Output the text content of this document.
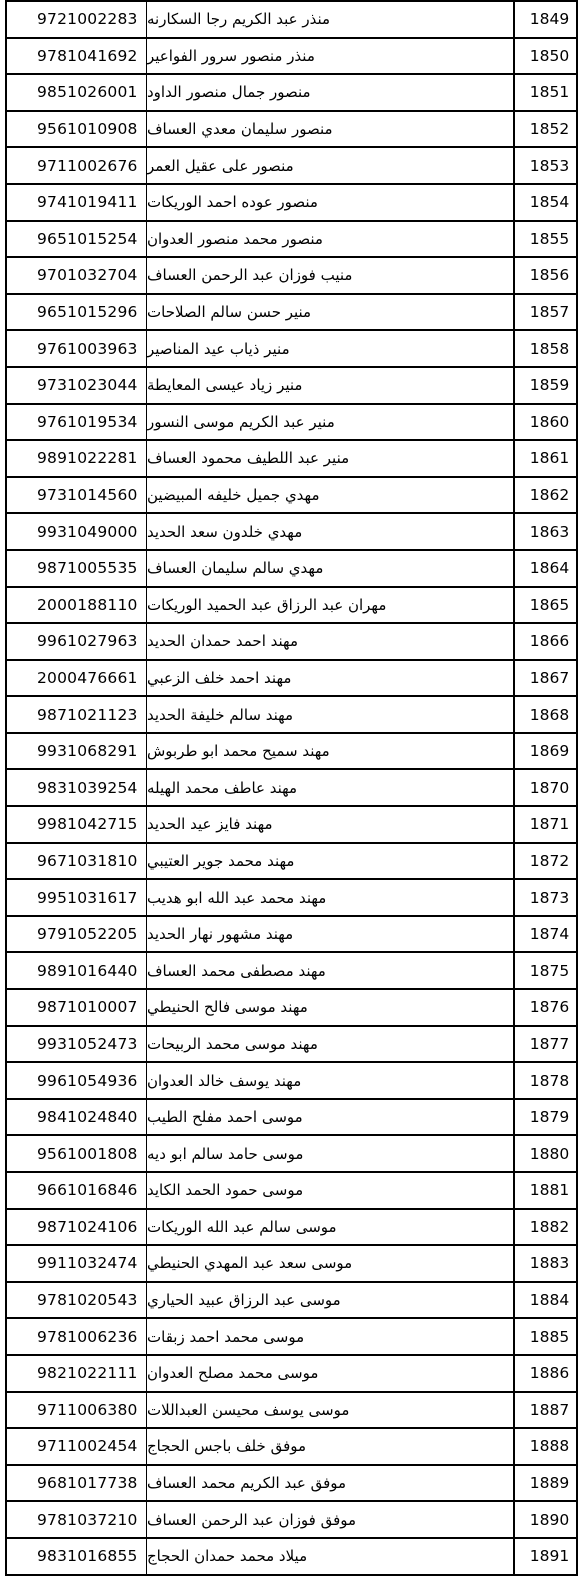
9721002283 منذر عبد الكريم رجا السكارنه	1849
9781041692 منذر منصور سرور الفواعير	1850
9851026001 منصور جمال منصور الداود	1851
9561010908 منصور سليمان معدي العساف	1852
9711002676 منصور على عقيل العمر	1853
9741019411 منصور عوده احمد الوريكات	1854
9651015254 منصور محمد منصور العدوان	1855
9701032704 منيب فوزان عبد الرحمن العساف	1856
9651015296 منير حسن سالم الصلاحات	1857
9761003963 منير ذياب عيد المناصير	1858
9731023044 منير زياد عيسى المعايطة	1859
9761019534 منير عبد الكريم موسى النسور	1860
9891022281 منير عبد اللطيف محمود العساف	1861
9731014560 مهدي جميل خليفه المبيضين	1862
9931049000 مهدي خلدون سعد الحديد	1863
9871005535 مهدي سالم سليمان العساف	1864
2000188110 مهران عبد الرزاق عبد الحميد الوريكات	1865
9961027963 مهند احمد حمدان الحديد	1866
2000476661 مهند احمد خلف الزعبي	1867
9871021123 مهند سالم خليفة الحديد	1868
9931068291 مهند سميح محمد ابو طربوش	1869
9831039254 مهند عاطف محمد الهيله	1870
9981042715 مهند فايز عيد الحديد	1871
9671031810 مهند محمد جوير العتيبي	1872
9951031617 مهند محمد عبد الله ابو هديب	1873
9791052205 مهند مشهور نهار الحديد	1874
9891016440 مهند مصطفى محمد العساف	1875
9871010007 مهند موسى فالح الحنيطي	1876
9931052473 مهند موسى محمد الربيحات	1877
9961054936 مهند يوسف خالد العدوان	1878
9841024840 موسى احمد مفلح الطيب	1879
9561001808 موسى حامد سالم ابو ديه	1880
9661016846 موسى حمود الحمد الكايد	1881
9871024106 موسى سالم عبد الله الوريكات	1882
9911032474 موسى سعد عبد المهدي الحنيطي	1883
9781020543 موسى عبد الرزاق عبيد الحياري	1884
9781006236 موسى محمد احمد زبقات	1885
9821022111 موسى محمد مصلح العدوان	1886
9711006380 موسى يوسف محيسن العبداللات	1887
9711002454 موفق خلف باجس الحجاج	1888
9681017738 موفق عبد الكريم محمد العساف	1889
9781037210 موفق فوزان عبد الرحمن العساف	1890
9831016855 ميلاد محمد حمدان الحجاج	1891
